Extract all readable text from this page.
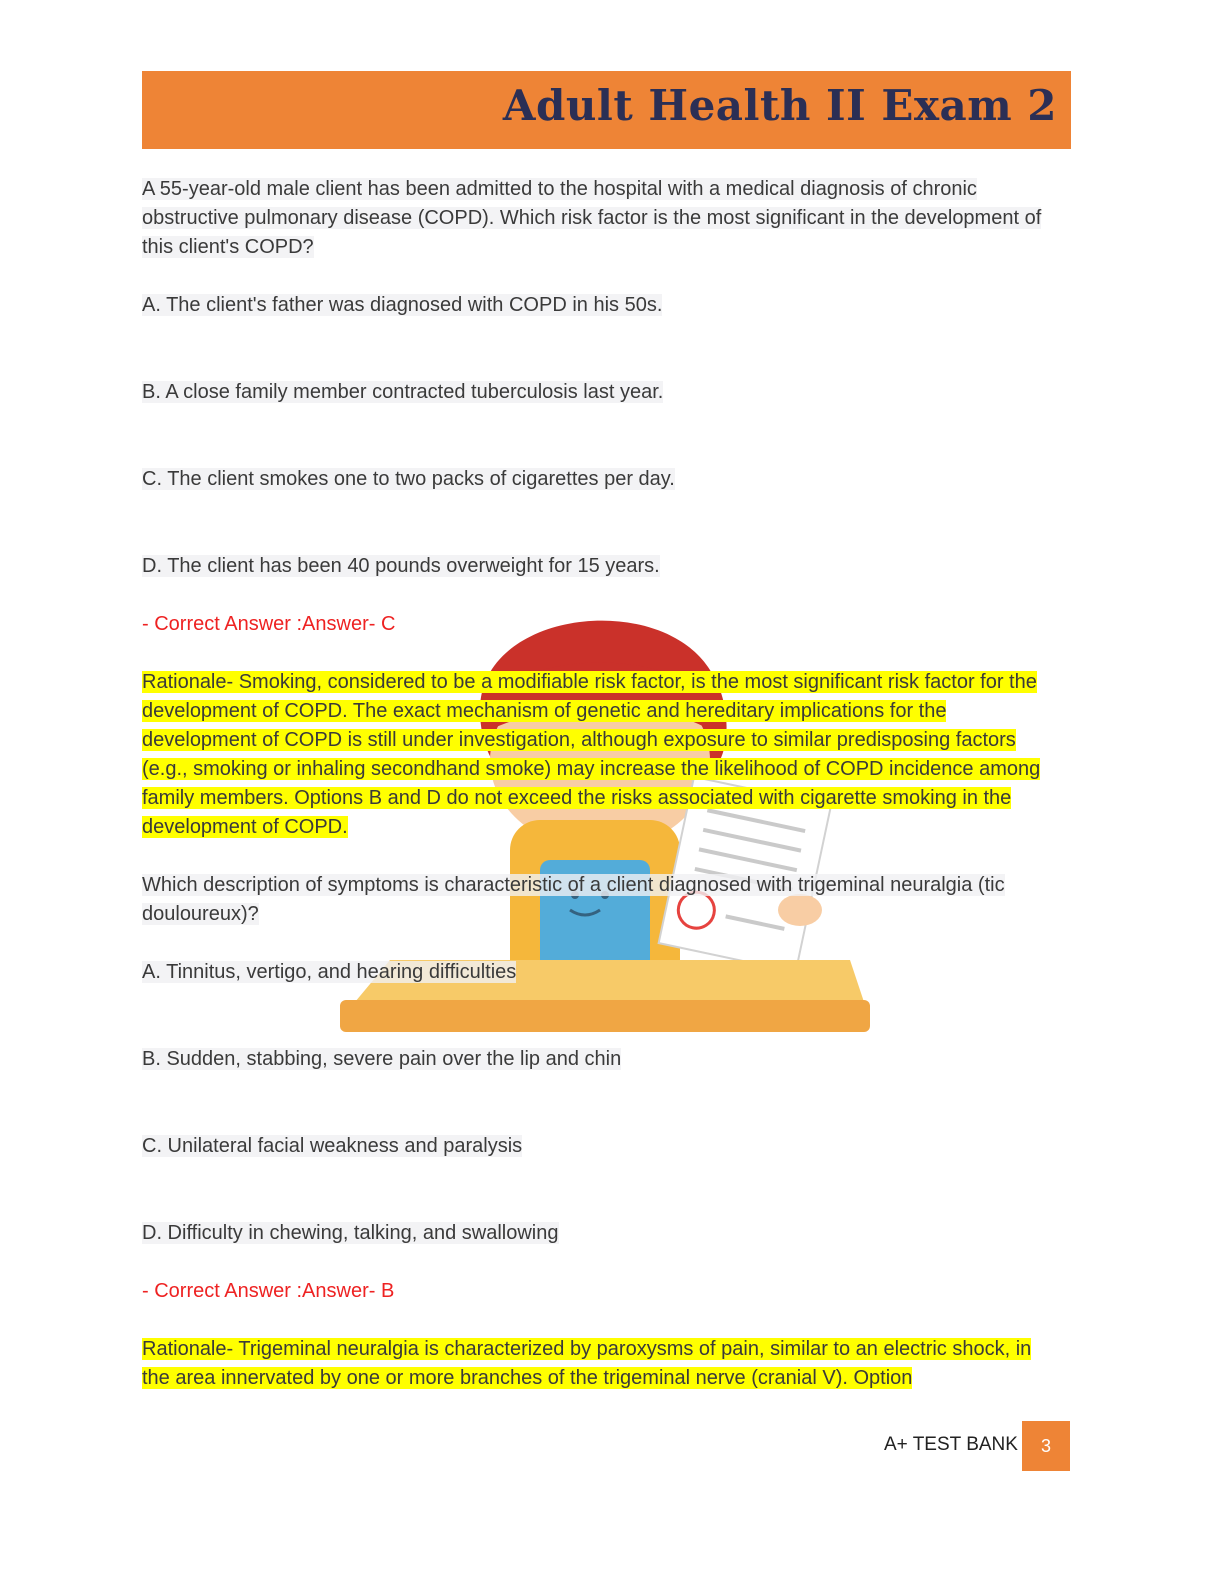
Adult Health II Exam 2

A 55-year-old male client has been admitted to the hospital with a medical diagnosis of chronic obstructive pulmonary disease (COPD). Which risk factor is the most significant in the development of this client's COPD?

A. The client's father was diagnosed with COPD in his 50s.

B. A close family member contracted tuberculosis last year.

C. The client smokes one to two packs of cigarettes per day.

D. The client has been 40 pounds overweight for 15 years.

- Correct Answer :Answer- C

Rationale- Smoking, considered to be a modifiable risk factor, is the most significant risk factor for the development of COPD. The exact mechanism of genetic and hereditary implications for the development of COPD is still under investigation, although exposure to similar predisposing factors (e.g., smoking or inhaling secondhand smoke) may increase the likelihood of COPD incidence among family members. Options B and D do not exceed the risks associated with cigarette smoking in the development of COPD.

Which description of symptoms is characteristic of a client diagnosed with trigeminal neuralgia (tic douloureux)?

A. Tinnitus, vertigo, and hearing difficulties

B. Sudden, stabbing, severe pain over the lip and chin

C. Unilateral facial weakness and paralysis

D. Difficulty in chewing, talking, and swallowing

- Correct Answer :Answer- B

Rationale- Trigeminal neuralgia is characterized by paroxysms of pain, similar to an electric shock, in the area innervated by one or more branches of the trigeminal nerve (cranial V). Option

A+ TEST BANK	3
